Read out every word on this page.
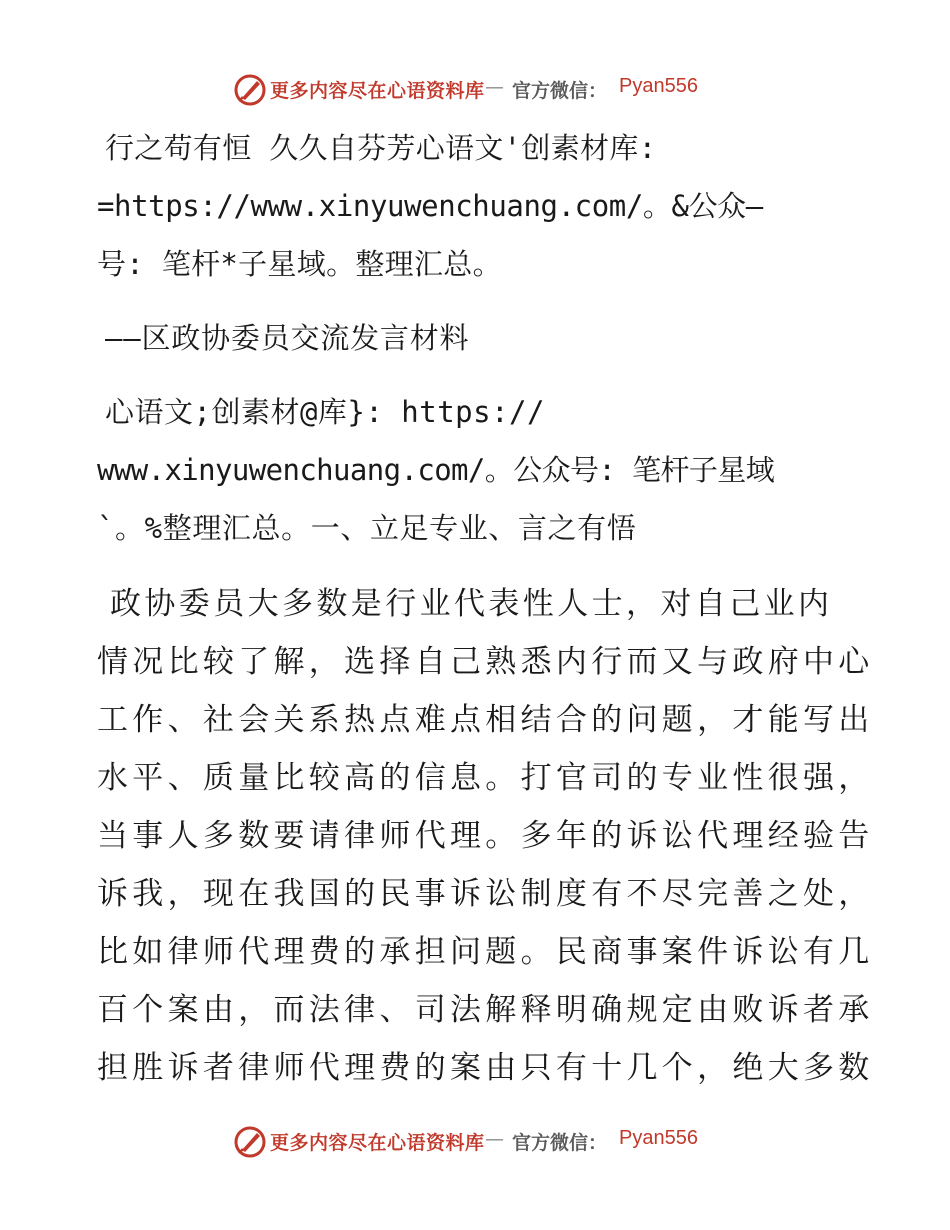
更多内容尽在心语资料库 — 官方微信： Pyan556
行之苟有恒 久久自芬芳心语文'创素材库:
=https://www.xinyuwenchuang.com/。&公众—
号: 笔杆*子星域。整理汇总。
——区政协委员交流发言材料
心语文;创素材@库}: https://
www.xinyuwenchuang.com/。公众号: 笔杆子星域
`。%整理汇总。一、立足专业、言之有悟
政协委员大多数是行业代表性人士，对自己业内
情况比较了解，选择自己熟悉内行而又与政府中心
工作、社会关系热点难点相结合的问题，才能写出
水平、质量比较高的信息。打官司的专业性很强，
当事人多数要请律师代理。多年的诉讼代理经验告
诉我，现在我国的民事诉讼制度有不尽完善之处，
比如律师代理费的承担问题。民商事案件诉讼有几
百个案由，而法律、司法解释明确规定由败诉者承
担胜诉者律师代理费的案由只有十几个，绝大多数
更多内容尽在心语资料库 — 官方微信： Pyan556
